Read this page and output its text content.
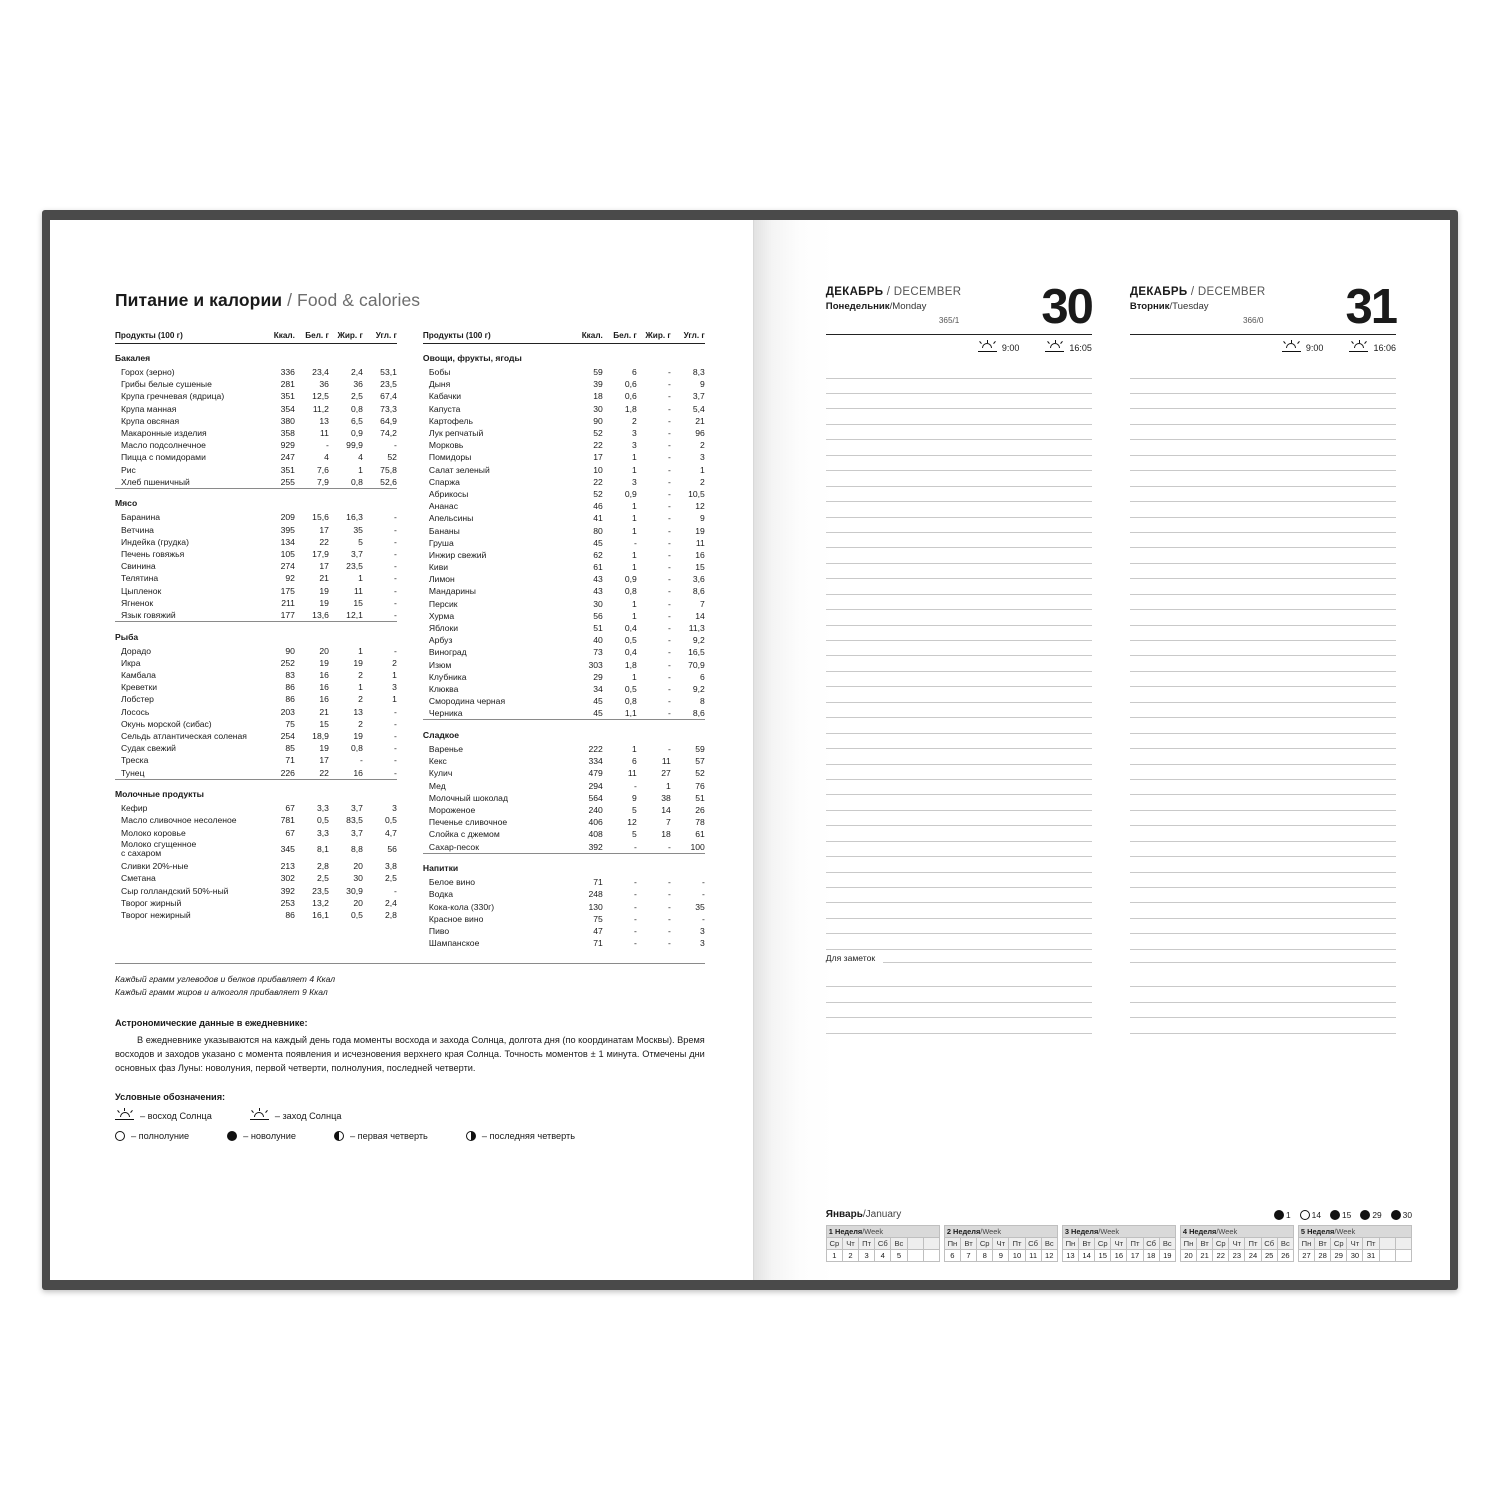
Питание и калории / Food & calories
Продукты (100 г)	Ккал.	Бел. г	Жир. г	Угл. г
Бакалея				
Горох (зерно)	336	23,4	2,4	53,1
Грибы белые сушеные	281	36	36	23,5
Крупа гречневая (ядрица)	351	12,5	2,5	67,4
Крупа манная	354	11,2	0,8	73,3
Крупа овсяная	380	13	6,5	64,9
Макаронные изделия	358	11	0,9	74,2
Масло подсолнечное	929	-	99,9	-
Пицца с помидорами	247	4	4	52
Рис	351	7,6	1	75,8
Хлеб пшеничный	255	7,9	0,8	52,6

Мясо				
Баранина	209	15,6	16,3	-
Ветчина	395	17	35	-
Индейка (грудка)	134	22	5	-
Печень говяжья	105	17,9	3,7	-
Свинина	274	17	23,5	-
Телятина	92	21	1	-
Цыпленок	175	19	11	-
Ягненок	211	19	15	-
Язык говяжий	177	13,6	12,1	-

Рыба				
Дорадо	90	20	1	-
Икра	252	19	19	2
Камбала	83	16	2	1
Креветки	86	16	1	3
Лобстер	86	16	2	1
Лосось	203	21	13	-
Окунь морской (сибас)	75	15	2	-
Сельдь атлантическая соленая	254	18,9	19	-
Судак свежий	85	19	0,8	-
Треска	71	17	-	-
Тунец	226	22	16	-

Молочные продукты				
Кефир	67	3,3	3,7	3
Масло сливочное несоленое	781	0,5	83,5	0,5
Молоко коровье	67	3,3	3,7	4,7
Молоко сгущенное
с сахаром	345	8,1	8,8	56
Сливки 20%-ные	213	2,8	20	3,8
Сметана	302	2,5	30	2,5
Сыр голландский 50%-ный	392	23,5	30,9	-
Творог жирный	253	13,2	20	2,4
Творог нежирный	86	16,1	0,5	2,8
Продукты (100 г)	Ккал.	Бел. г	Жир. г	Угл. г
Овощи, фрукты, ягоды				
Бобы	59	6	-	8,3
Дыня	39	0,6	-	9
Кабачки	18	0,6	-	3,7
Капуста	30	1,8	-	5,4
Картофель	90	2	-	21
Лук репчатый	52	3	-	96
Морковь	22	3	-	2
Помидоры	17	1	-	3
Салат зеленый	10	1	-	1
Спаржа	22	3	-	2
Абрикосы	52	0,9	-	10,5
Ананас	46	1	-	12
Апельсины	41	1	-	9
Бананы	80	1	-	19
Груша	45	-	-	11
Инжир свежий	62	1	-	16
Киви	61	1	-	15
Лимон	43	0,9	-	3,6
Мандарины	43	0,8	-	8,6
Персик	30	1	-	7
Хурма	56	1	-	14
Яблоки	51	0,4	-	11,3
Арбуз	40	0,5	-	9,2
Виноград	73	0,4	-	16,5
Изюм	303	1,8	-	70,9
Клубника	29	1	-	6
Клюква	34	0,5	-	9,2
Смородина черная	45	0,8	-	8
Черника	45	1,1	-	8,6

Сладкое				
Варенье	222	1	-	59
Кекс	334	6	11	57
Кулич	479	11	27	52
Мед	294	-	1	76
Молочный шоколад	564	9	38	51
Мороженое	240	5	14	26
Печенье сливочное	406	12	7	78
Слойка с джемом	408	5	18	61
Сахар-песок	392	-	-	100

Напитки				
Белое вино	71	-	-	-
Водка	248	-	-	-
Кока-кола (330г)	130	-	-	35
Красное вино	75	-	-	-
Пиво	47	-	-	3
Шампанское	71	-	-	3
Каждый грамм углеводов и белков прибавляет 4 Ккал
Каждый грамм жиров и алкоголя прибавляет 9 Ккал
Астрономические данные в ежедневнике:
В ежедневнике указываются на каждый день года моменты восхода и захода Солнца, долгота дня (по координатам Москвы). Время восходов и заходов указано с момента появления и исчезновения верхнего края Солнца. Точность моментов ± 1 минута. Отмечены дни основных фаз Луны: новолуния, первой четверти, полнолуния, последней четверти.
Условные обозначения:
– восход Солнца	– заход Солнца
– полнолуние	– новолуние	– первая четверть	– последняя четверть
ДЕКАБРЬ / DECEMBER
Понедельник/Monday
365/1 30
9:00	16:05
Для заметок
ДЕКАБРЬ / DECEMBER
Вторник/Tuesday
366/0 31
9:00	16:06
Январь/January	1	14	15	29	30
1 Неделя/Week
Ср	Чт	Пт	Сб	Вс		
1	2	3	4	5		
2 Неделя/Week
Пн	Вт	Ср	Чт	Пт	Сб	Вс
6	7	8	9	10	11	12
3 Неделя/Week
Пн	Вт	Ср	Чт	Пт	Сб	Вс
13	14	15	16	17	18	19
4 Неделя/Week
Пн	Вт	Ср	Чт	Пт	Сб	Вс
20	21	22	23	24	25	26
5 Неделя/Week
Пн	Вт	Ср	Чт	Пт		
27	28	29	30	31		
